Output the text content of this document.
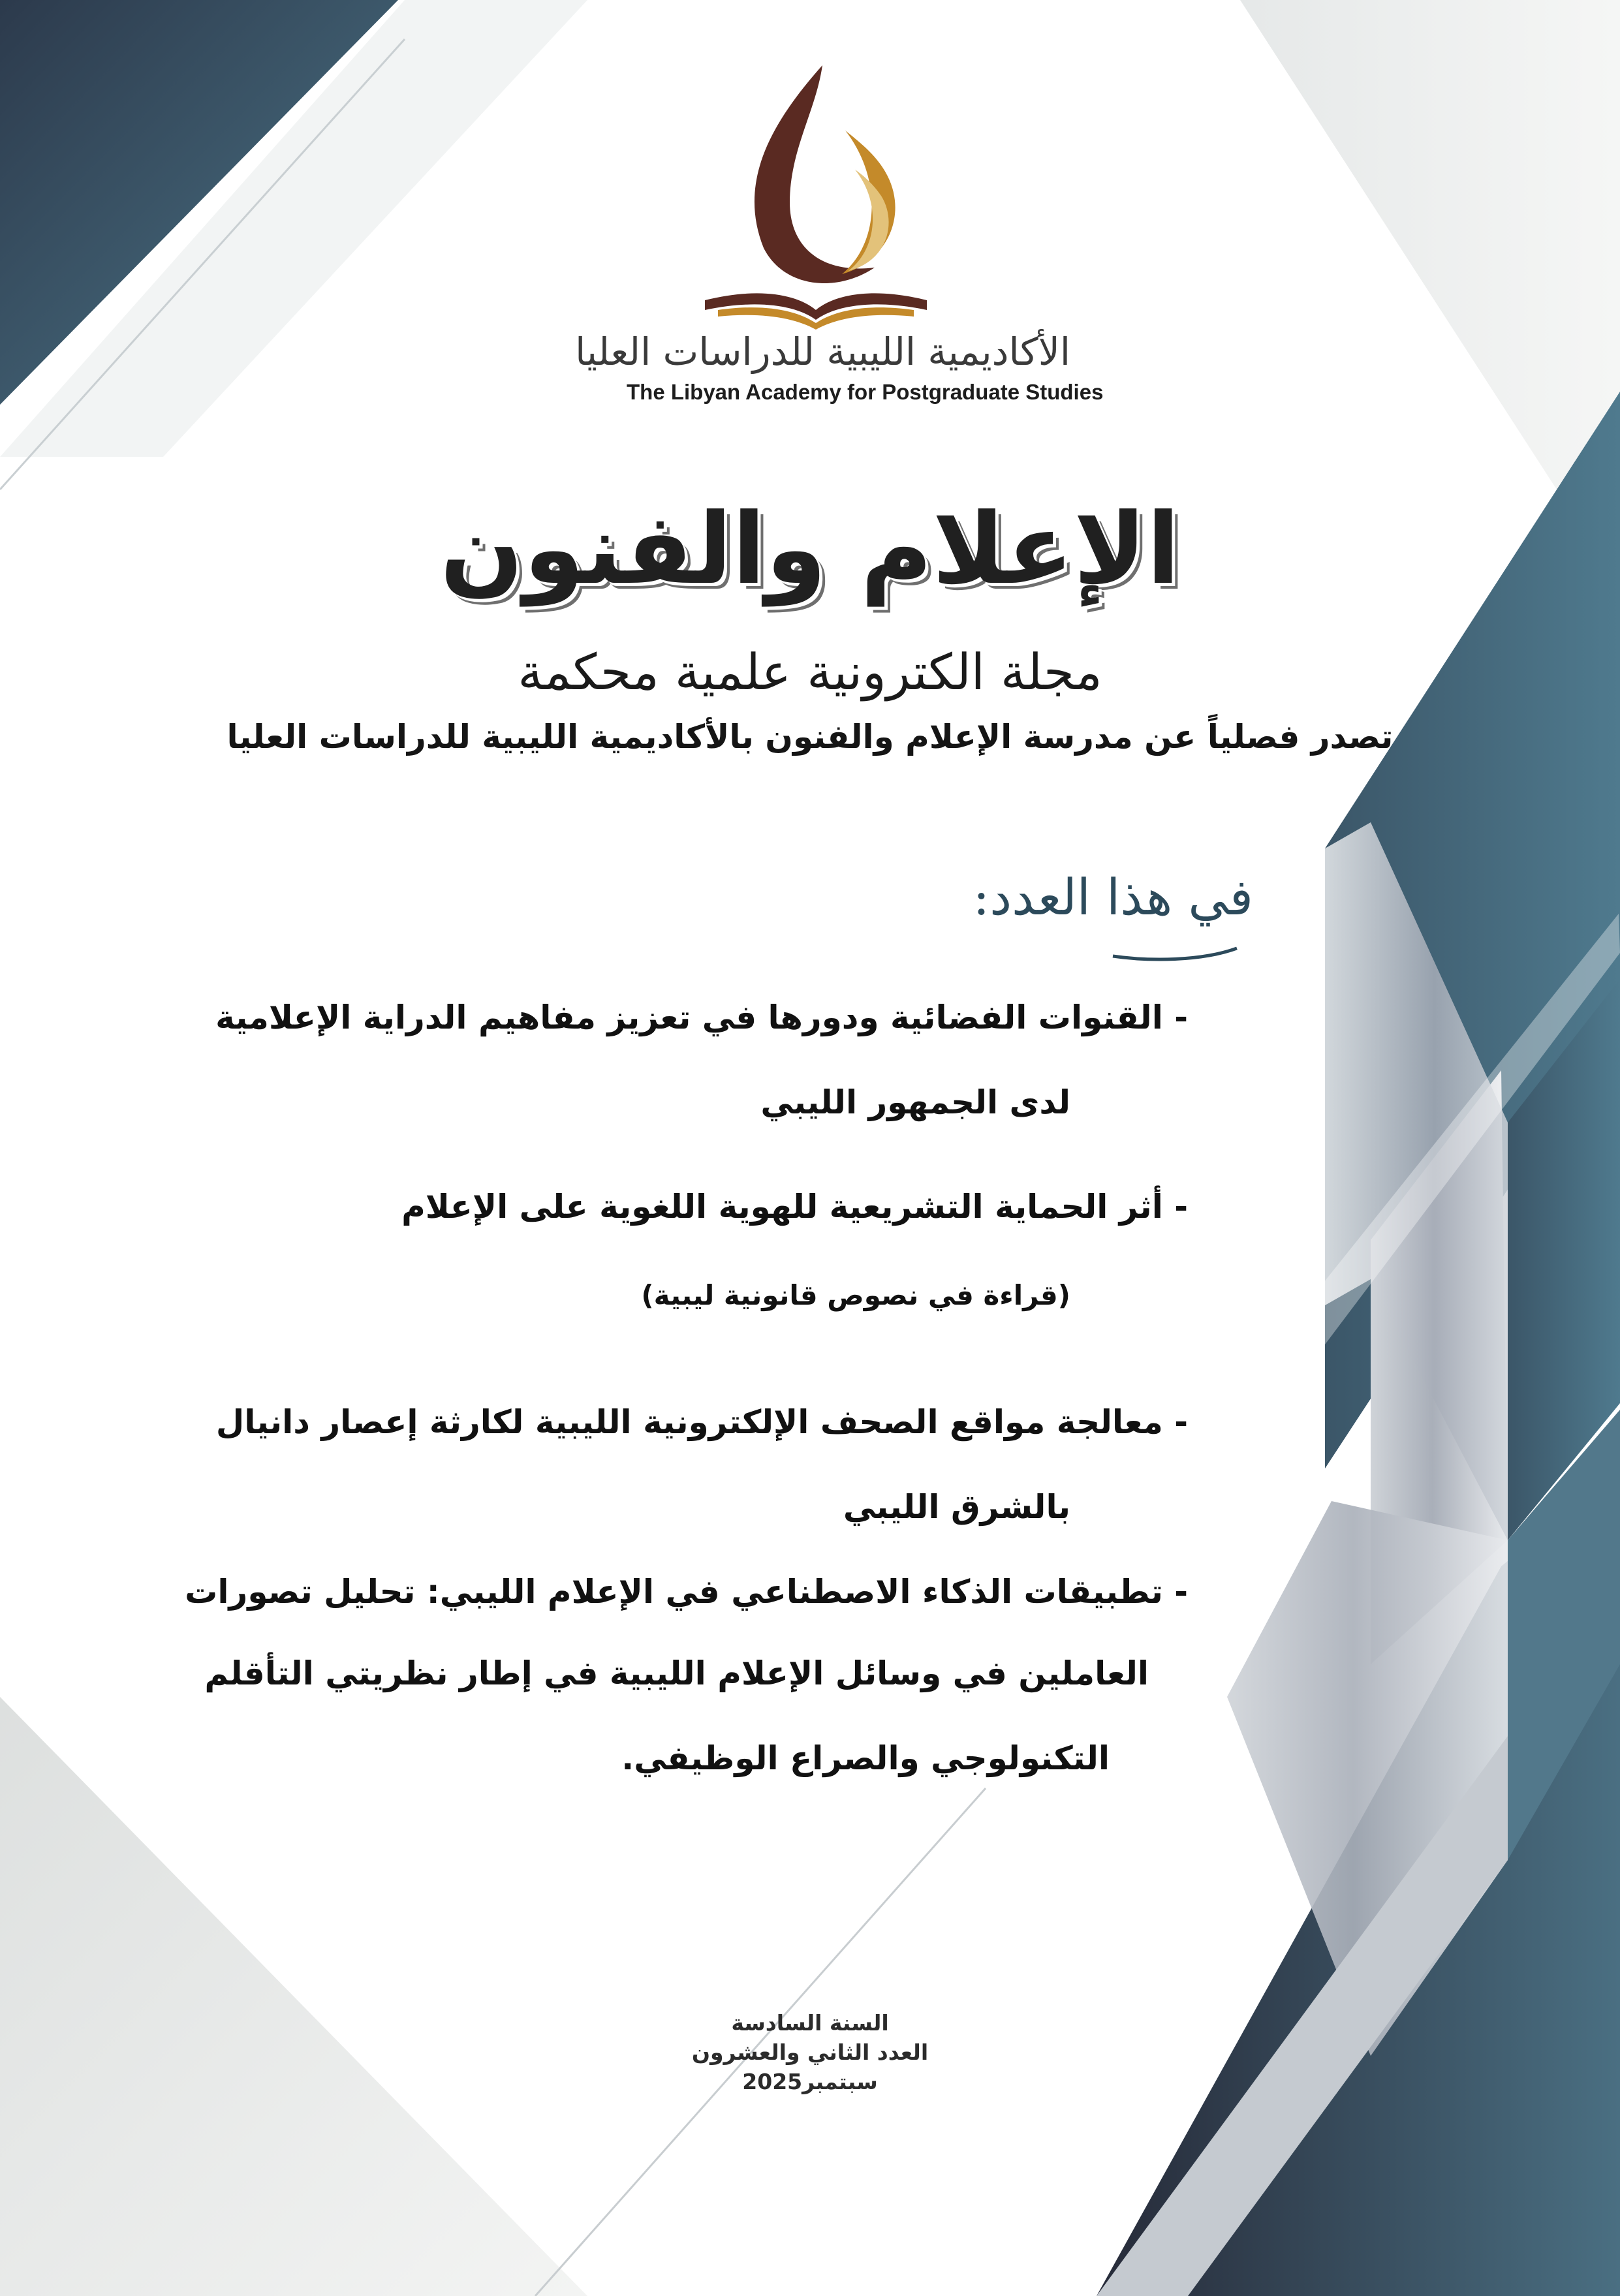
الأكاديمية الليبية للدراسات العليا
The Libyan Academy for Postgraduate Studies
الإعلام والفنون
مجلة الكترونية علمية محكمة
تصدر فصلياً عن مدرسة الإعلام والفنون بالأكاديمية الليبية للدراسات العليا
في هذا العدد:
- القنوات الفضائية ودورها في تعزيز مفاهيم الدراية الإعلامية
لدى الجمهور الليبي
- أثر الحماية التشريعية للهوية اللغوية على الإعلام
(قراءة في نصوص قانونية ليبية)
- معالجة مواقع الصحف الإلكترونية الليبية لكارثة إعصار دانيال
بالشرق الليبي
- تطبيقات الذكاء الاصطناعي في الإعلام الليبي: تحليل تصورات
العاملين في وسائل الإعلام الليبية في إطار نظريتي التأقلم
التكنولوجي والصراع الوظيفي.
السنة السادسة
العدد الثاني والعشرون
سبتمبر2025
